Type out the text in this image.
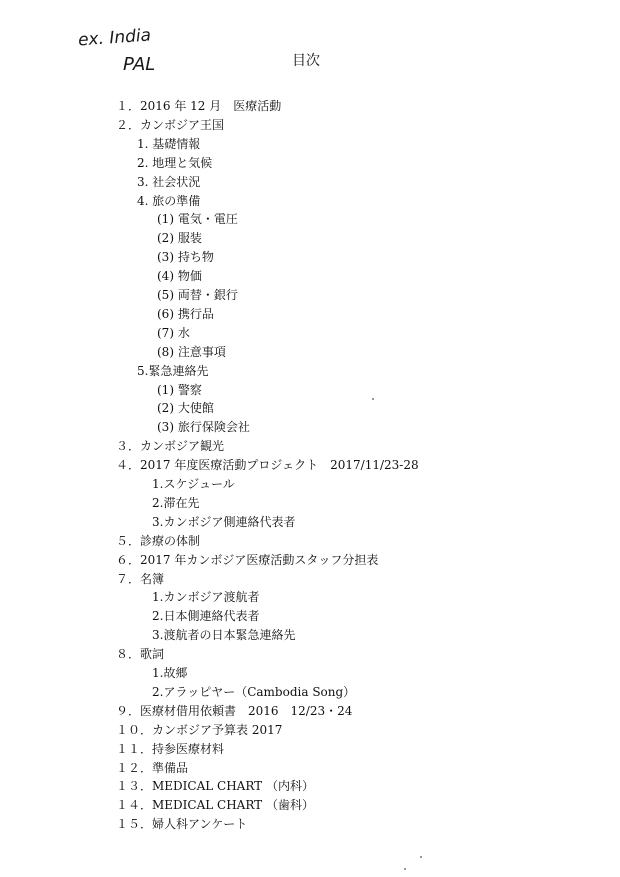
ex. India
PAL	目次
１．2016 年 12 月　医療活動
２．カンボジア王国
1. 基礎情報
2. 地理と気候
3. 社会状況
4. 旅の準備
(1) 電気・電圧
(2) 服装
(3) 持ち物
(4) 物価
(5) 両替・銀行
(6) 携行品
(7) 水
(8) 注意事項
5.緊急連絡先
(1) 警察
(2) 大使館
(3) 旅行保険会社
３．カンボジア観光
４．2017 年度医療活動プロジェクト　2017/11/23-28
1.スケジュール
2.滞在先
3.カンボジア側連絡代表者
５．診療の体制
６．2017 年カンボジア医療活動スタッフ分担表
７．名簿
1.カンボジア渡航者
2.日本側連絡代表者
3.渡航者の日本緊急連絡先
８．歌詞
1.故郷
2.アラッピヤー（Cambodia Song）
９．医療材借用依頼書　2016　12/23・24
１０．カンボジア予算表 2017
１１．持参医療材料
１２．準備品
１３．MEDICAL CHART （内科）
１４．MEDICAL CHART （歯科）
１５．婦人科アンケート
